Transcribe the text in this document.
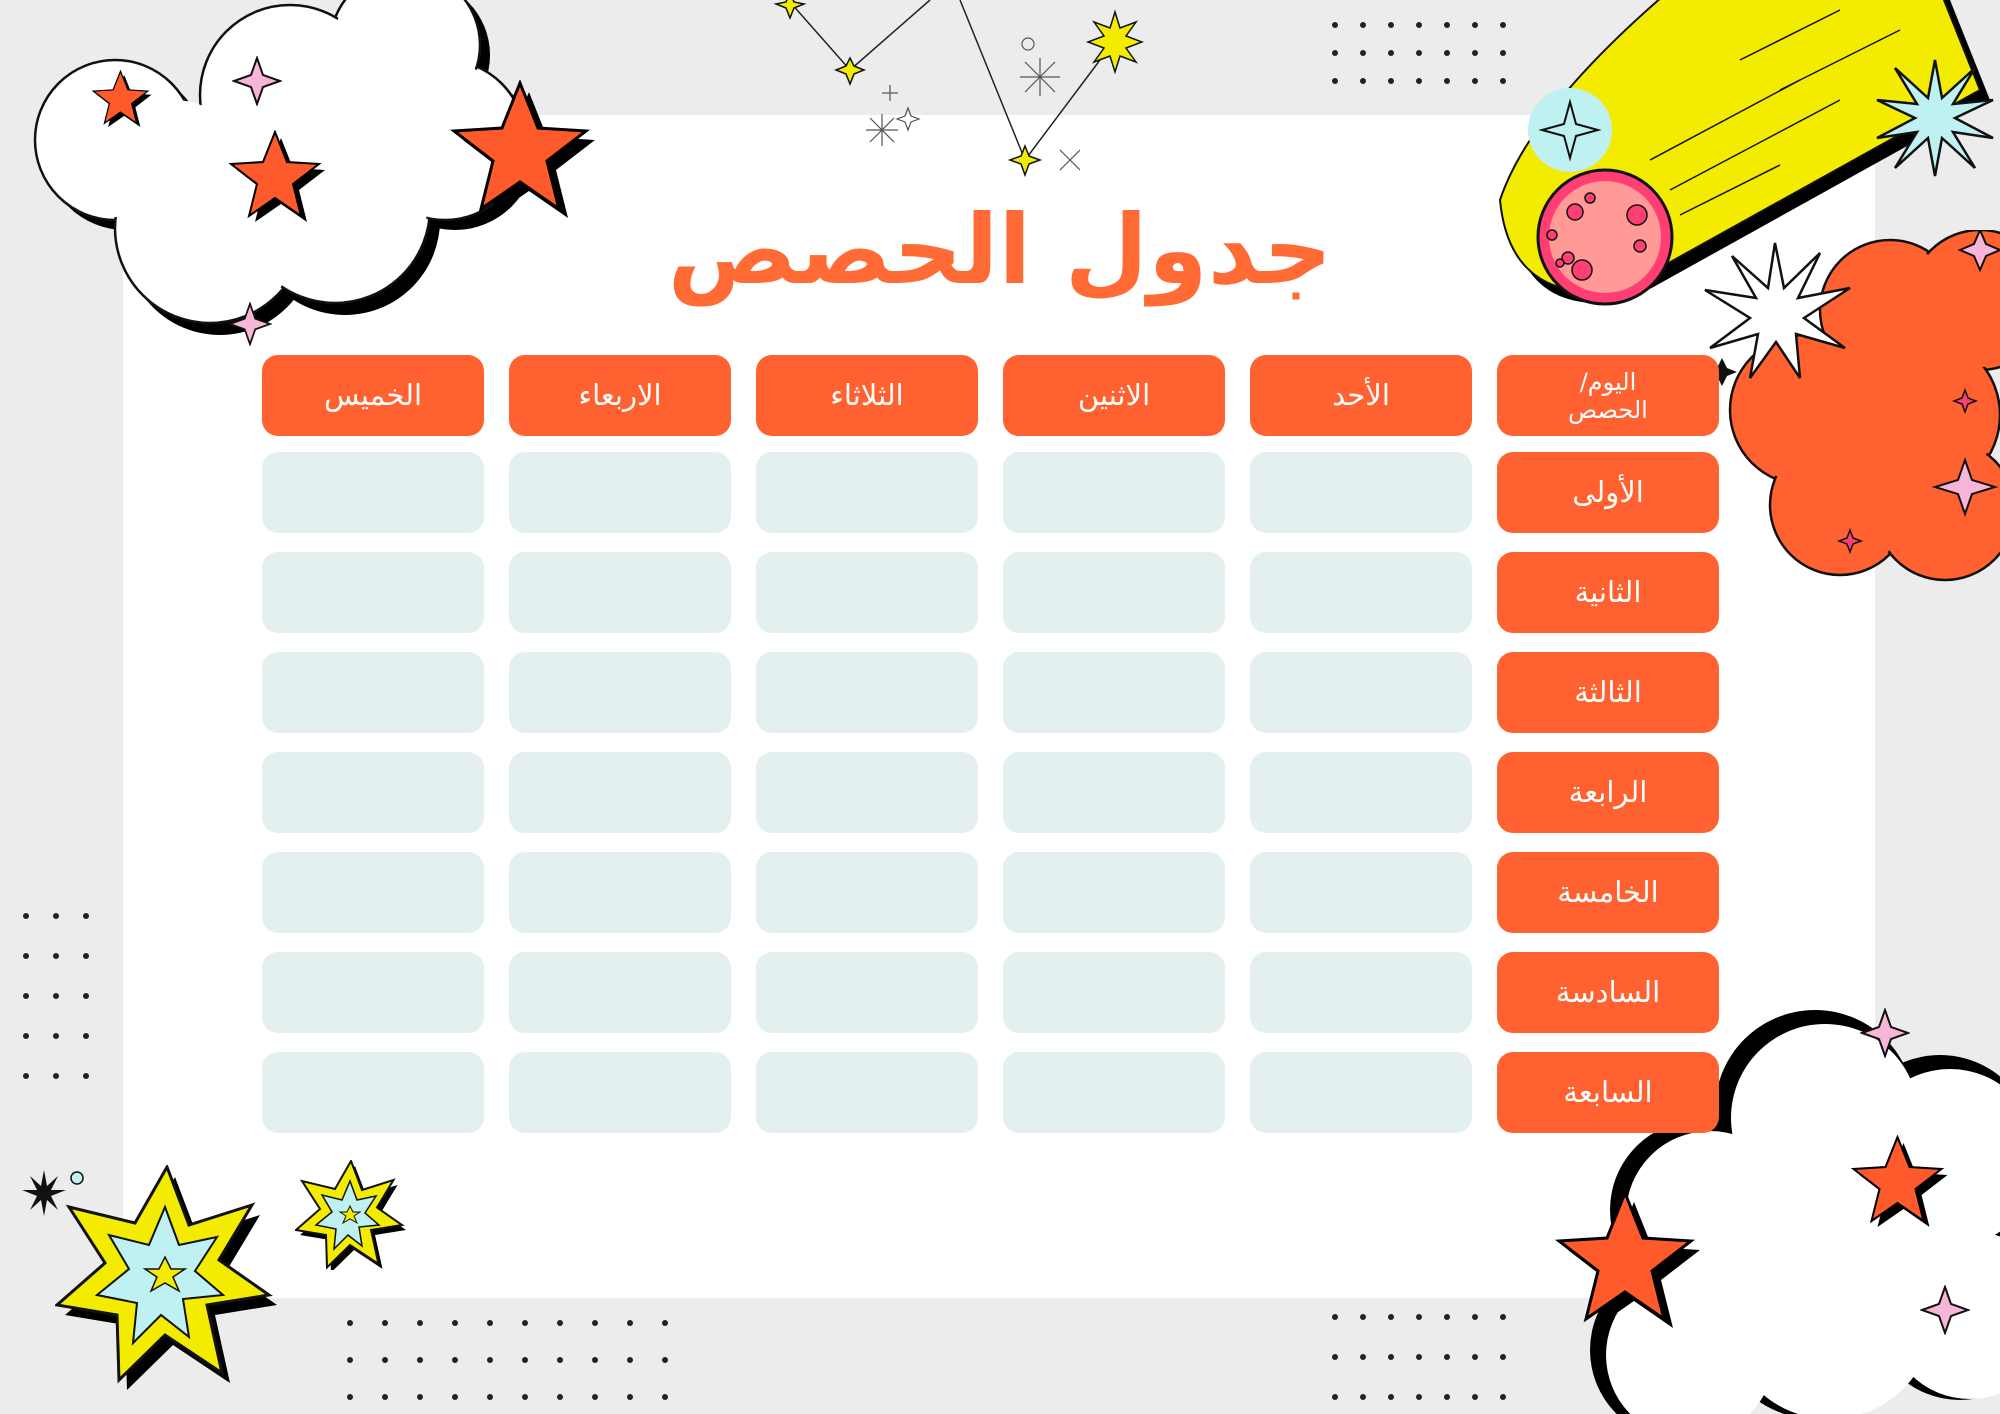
جدول الحصص
اليوم/ الحصص
الأحد
الاثنين
الثلاثاء
الاربعاء
الخميس
الأولى
الثانية
الثالثة
الرابعة
الخامسة
السادسة
السابعة
